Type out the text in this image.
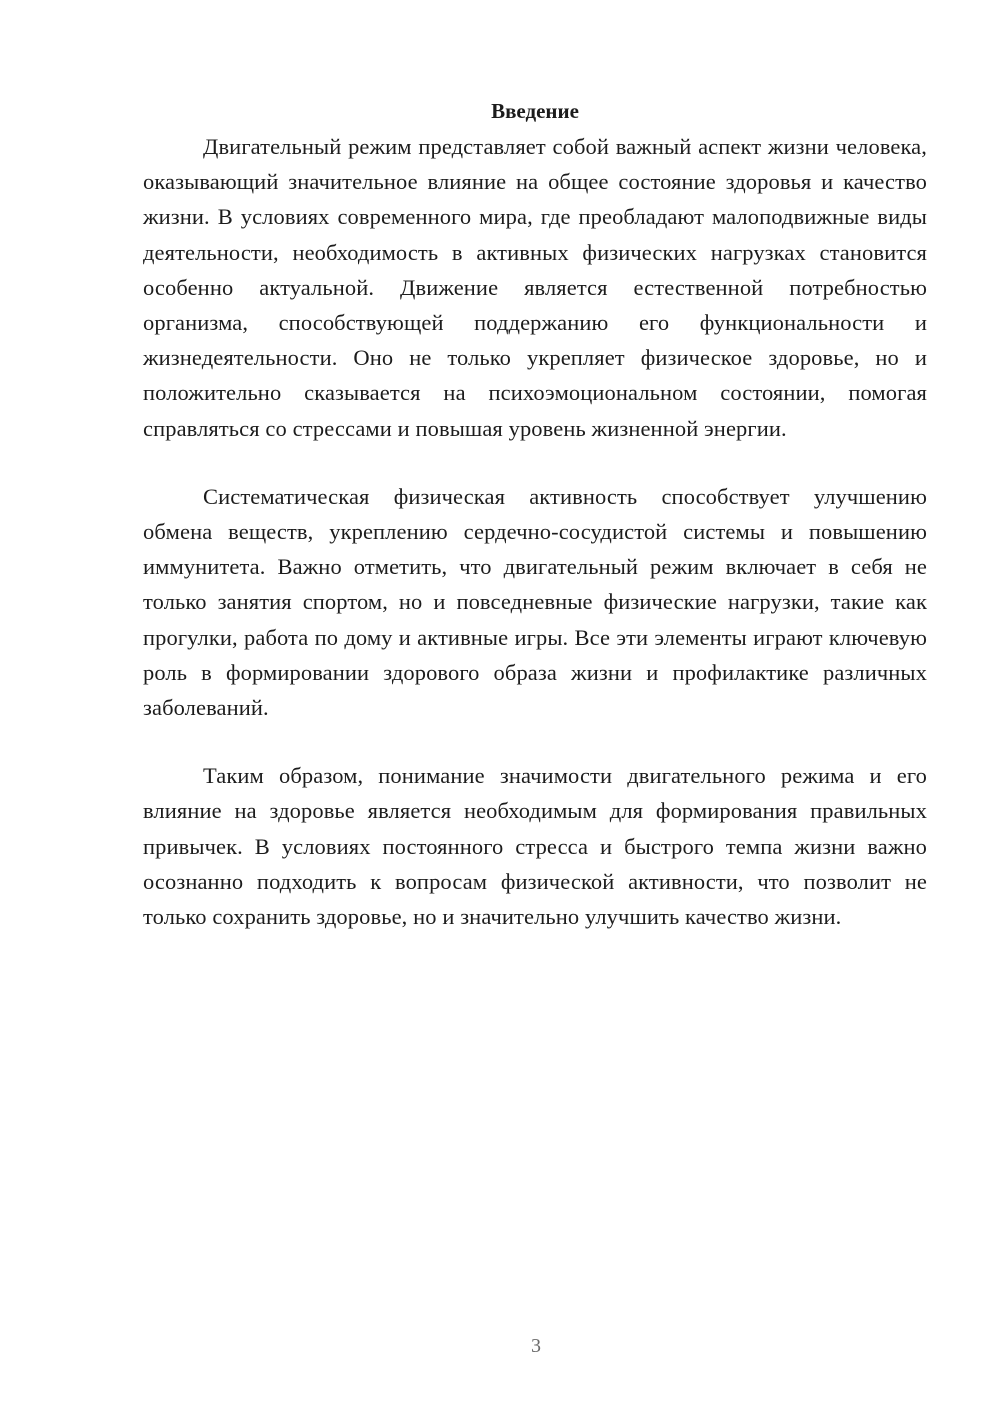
Введение

Двигательный режим представляет собой важный аспект жизни человека, оказывающий значительное влияние на общее состояние здоровья и качество жизни. В условиях современного мира, где преобладают малоподвижные виды деятельности, необходимость в активных физических нагрузках становится особенно актуальной. Движение является естественной потребностью организма, способствующей поддержанию его функциональности и жизнедеятельности. Оно не только укрепляет физическое здоровье, но и положительно сказывается на психоэмоциональном состоянии, помогая справляться со стрессами и повышая уровень жизненной энергии.

Систематическая физическая активность способствует улучшению обмена веществ, укреплению сердечно-сосудистой системы и повышению иммунитета. Важно отметить, что двигательный режим включает в себя не только занятия спортом, но и повседневные физические нагрузки, такие как прогулки, работа по дому и активные игры. Все эти элементы играют ключевую роль в формировании здорового образа жизни и профилактике различных заболеваний.

Таким образом, понимание значимости двигательного режима и его влияние на здоровье является необходимым для формирования правильных привычек. В условиях постоянного стресса и быстрого темпа жизни важно осознанно подходить к вопросам физической активности, что позволит не только сохранить здоровье, но и значительно улучшить качество жизни.

3
